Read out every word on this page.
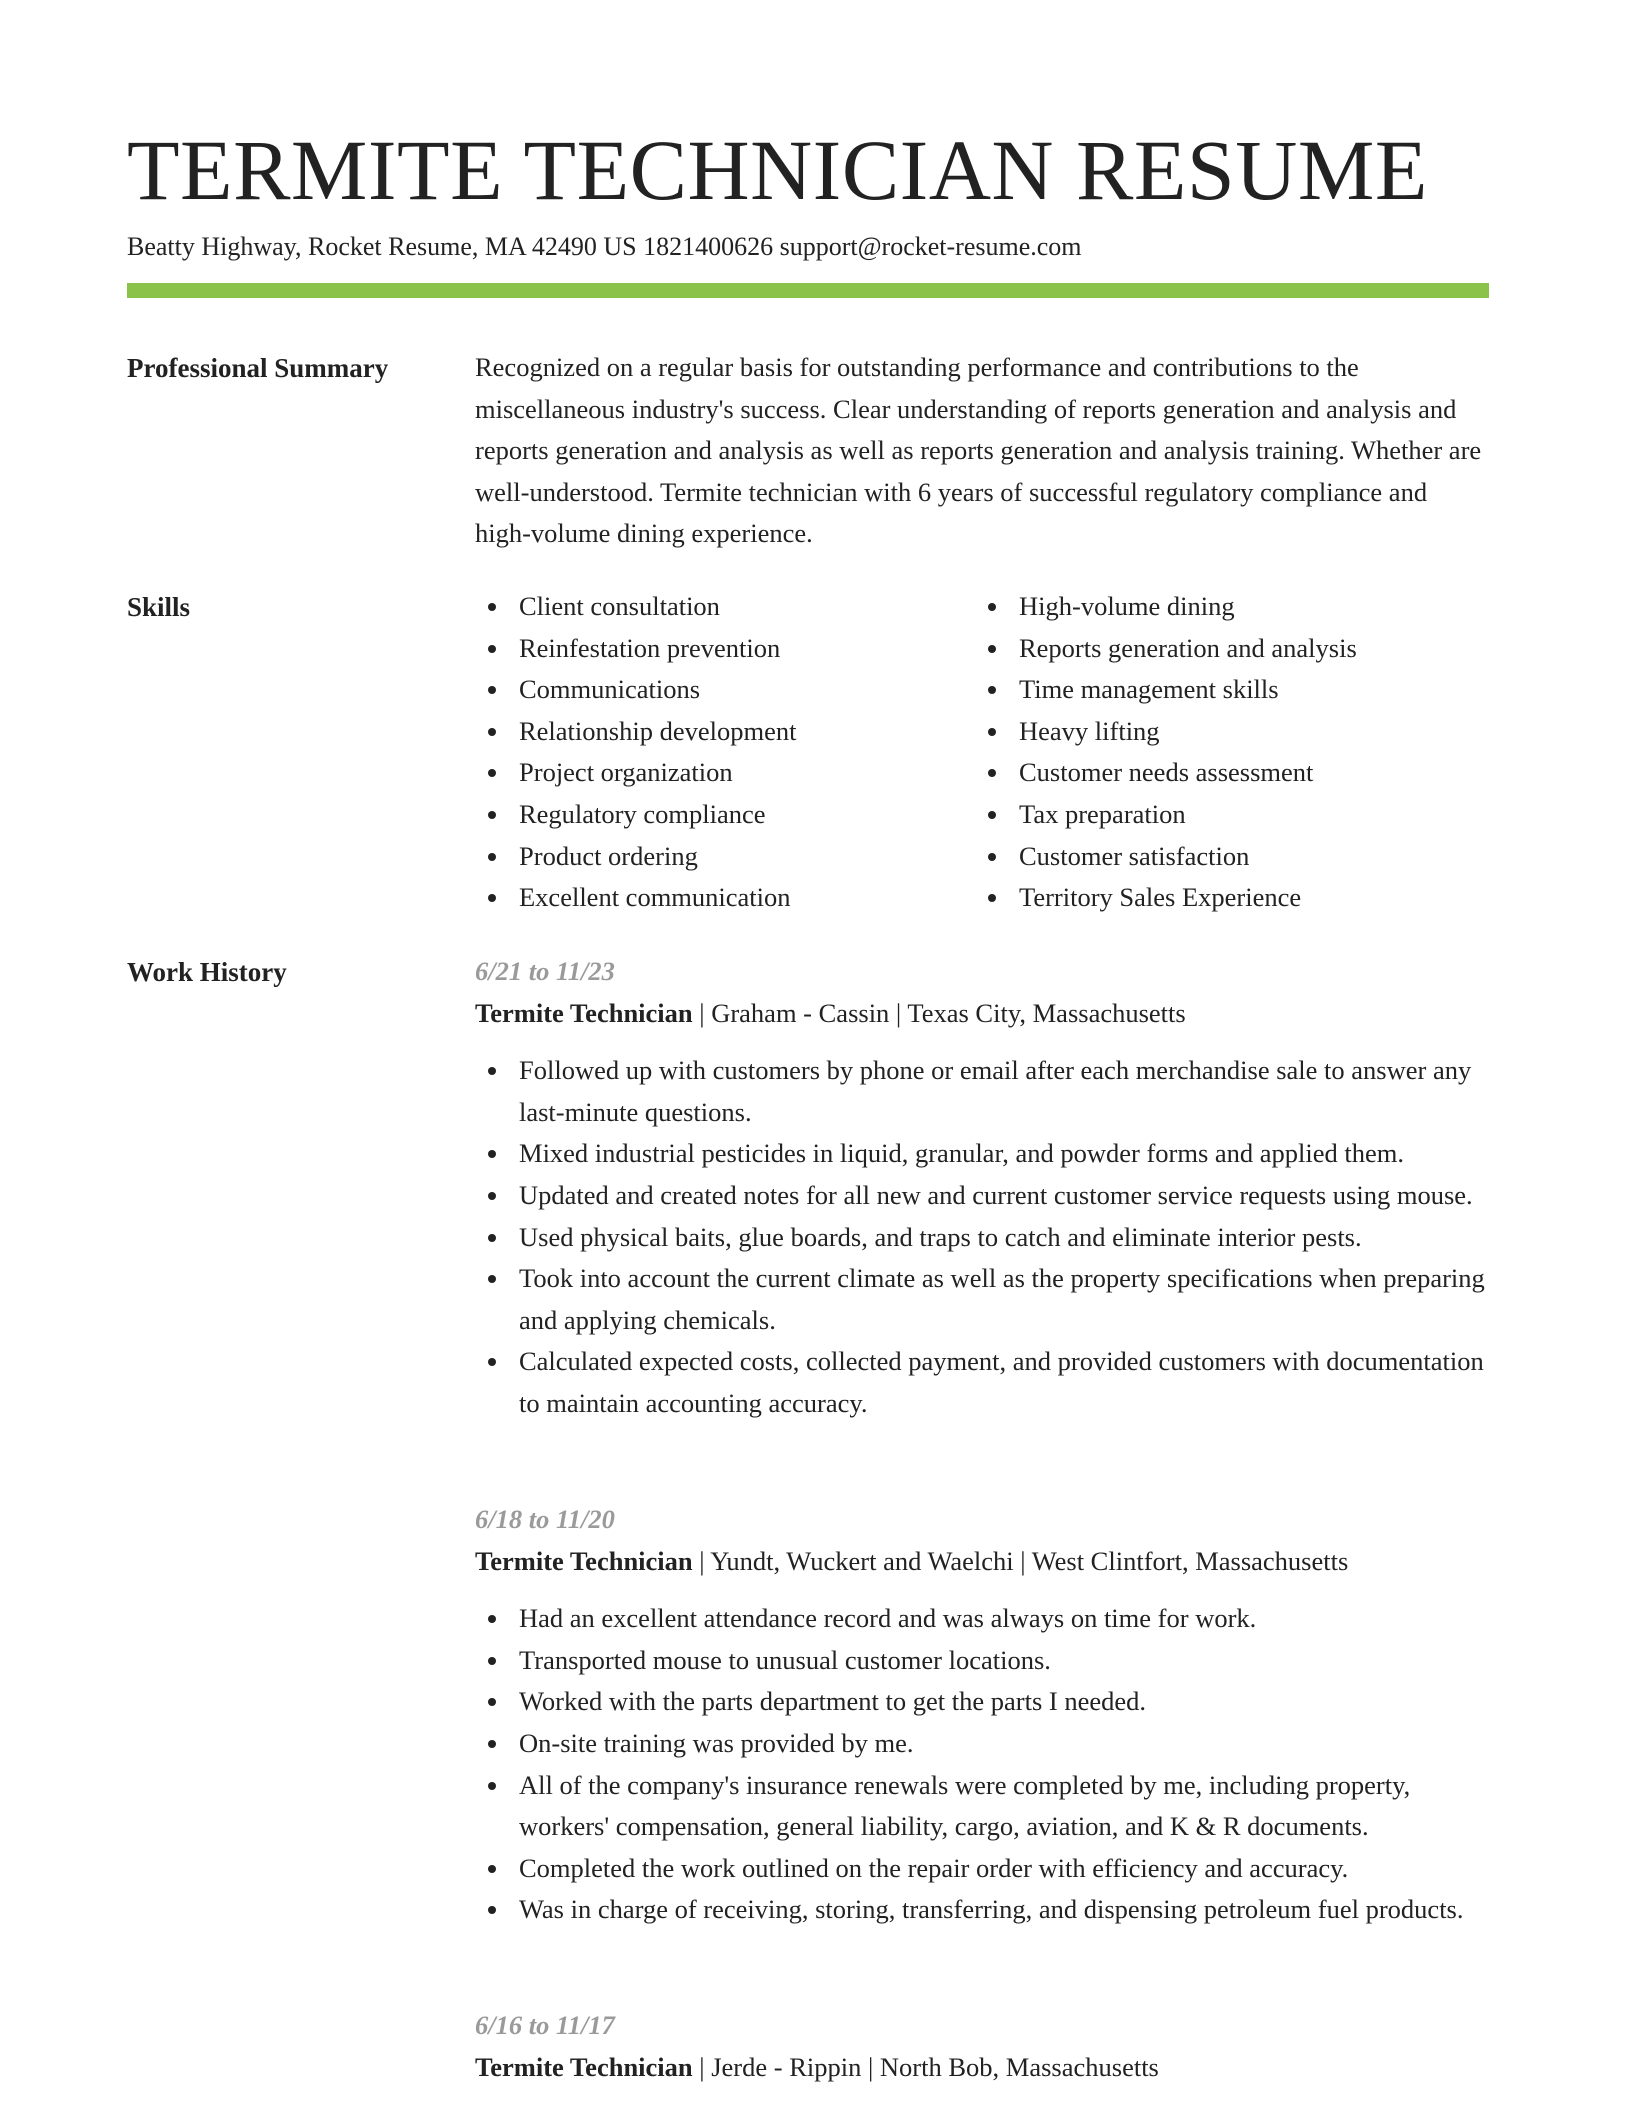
TERMITE TECHNICIAN RESUME
Beatty Highway, Rocket Resume, MA 42490 US 1821400626 support@rocket-resume.com
Professional Summary	Recognized on a regular basis for outstanding performance and contributions to the miscellaneous industry's success. Clear understanding of reports generation and analysis and reports generation and analysis as well as reports generation and analysis training. Whether are well-understood. Termite technician with 6 years of successful regulatory compliance and high-volume dining experience.

Skills	Client consultation
Reinfestation prevention
Communications
Relationship development
Project organization
Regulatory compliance
Product ordering
Excellent communication
High-volume dining
Reports generation and analysis
Time management skills
Heavy lifting
Customer needs assessment
Tax preparation
Customer satisfaction
Territory Sales Experience
Work History	6/21 to 11/23
Termite Technician | Graham - Cassin | Texas City, Massachusetts
Followed up with customers by phone or email after each merchandise sale to answer any last-minute questions.
Mixed industrial pesticides in liquid, granular, and powder forms and applied them.
Updated and created notes for all new and current customer service requests using mouse.
Used physical baits, glue boards, and traps to catch and eliminate interior pests.
Took into account the current climate as well as the property specifications when preparing and applying chemicals.
Calculated expected costs, collected payment, and provided customers with documentation to maintain accounting accuracy.
6/18 to 11/20
Termite Technician | Yundt, Wuckert and Waelchi | West Clintfort, Massachusetts
Had an excellent attendance record and was always on time for work.
Transported mouse to unusual customer locations.
Worked with the parts department to get the parts I needed.
On-site training was provided by me.
All of the company's insurance renewals were completed by me, including property, workers' compensation, general liability, cargo, aviation, and K & R documents.
Completed the work outlined on the repair order with efficiency and accuracy.
Was in charge of receiving, storing, transferring, and dispensing petroleum fuel products.
6/16 to 11/17
Termite Technician | Jerde - Rippin | North Bob, Massachusetts
